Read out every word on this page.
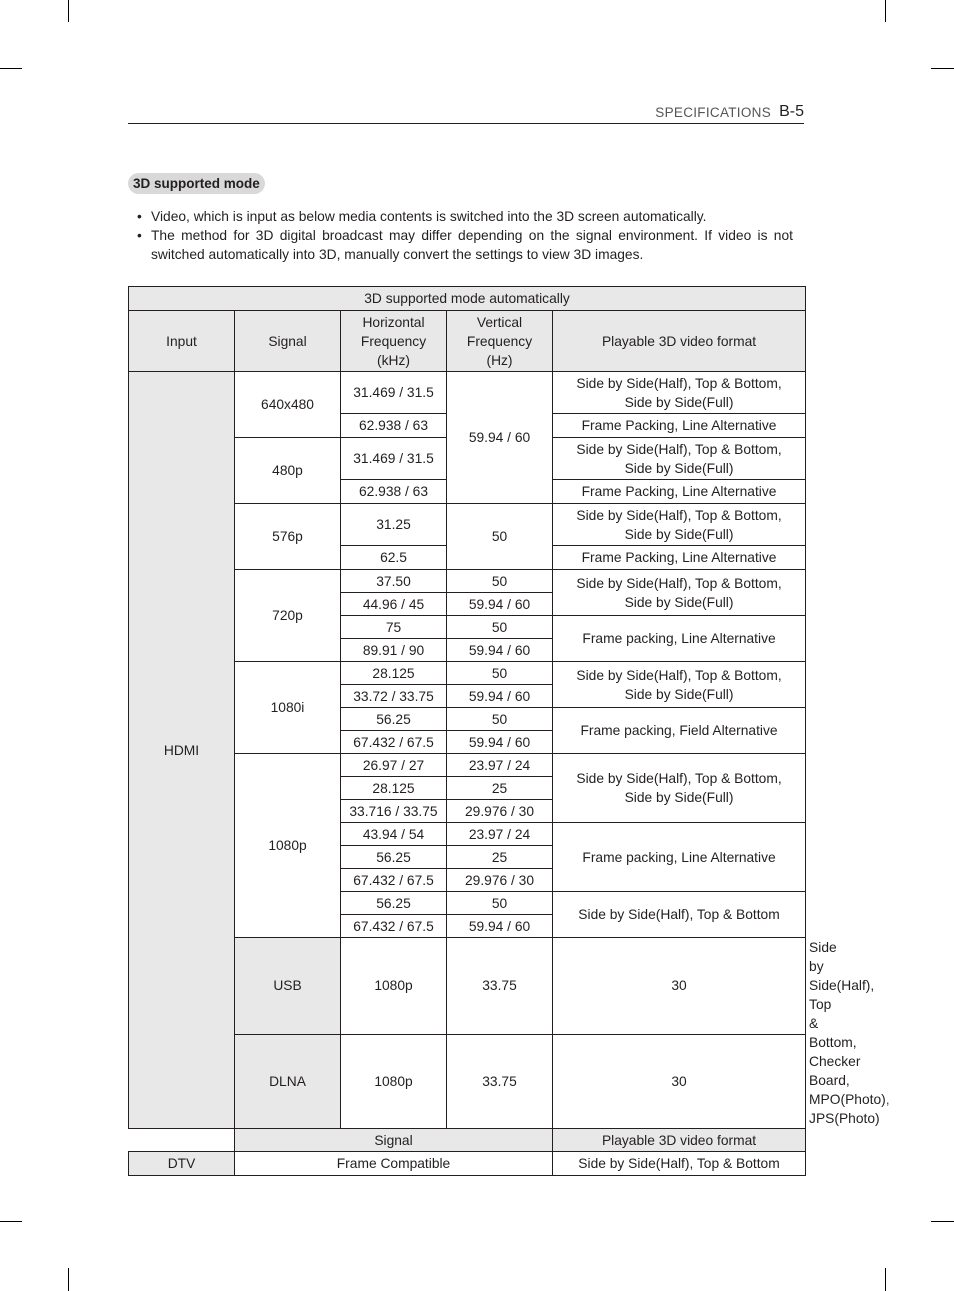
SPECIFICATIONS B-5
3D supported mode
• Video, which is input as below media contents is switched into the 3D screen automatically.
• The method for 3D digital broadcast may differ depending on the signal environment. If video is not switched automatically into 3D, manually convert the settings to view 3D images.
3D supported mode automatically					
Input	Signal	Horizontal
Frequency
(kHz)	Vertical
Frequency
(Hz)	Playable 3D video format	
HDMI	640x480	31.469 / 31.5	59.94 / 60	Side by Side(Half), Top & Bottom,
Side by Side(Full)	
		62.938 / 63		Frame Packing, Line Alternative	
	480p	31.469 / 31.5		Side by Side(Half), Top & Bottom,
Side by Side(Full)	
		62.938 / 63		Frame Packing, Line Alternative	
	576p	31.25	50	Side by Side(Half), Top & Bottom,
Side by Side(Full)	
		62.5		Frame Packing, Line Alternative	
	720p	37.50	50	Side by Side(Half), Top & Bottom,
Side by Side(Full)	
		44.96 / 45	59.94 / 60		
		75	50	Frame packing, Line Alternative	
		89.91 / 90	59.94 / 60		
	1080i	28.125	50	Side by Side(Half), Top & Bottom,
Side by Side(Full)	
		33.72 / 33.75	59.94 / 60		
		56.25	50	Frame packing, Field Alternative	
		67.432 / 67.5	59.94 / 60		
	1080p	26.97 / 27	23.97 / 24	Side by Side(Half), Top & Bottom,
Side by Side(Full)	
		28.125	25		
		33.716 / 33.75	29.976 / 30		
		43.94 / 54	23.97 / 24	Frame packing, Line Alternative	
		56.25	25		
		67.432 / 67.5	29.976 / 30		
		56.25	50	Side by Side(Half), Top & Bottom	
		67.432 / 67.5	59.94 / 60		
	USB	1080p	33.75	30	Side by Side(Half), Top & Bottom,
Checker Board, MPO(Photo),
JPS(Photo)
	DLNA	1080p	33.75	30	
	Signal			Playable 3D video format	
DTV	Frame Compatible			Side by Side(Half), Top & Bottom	
